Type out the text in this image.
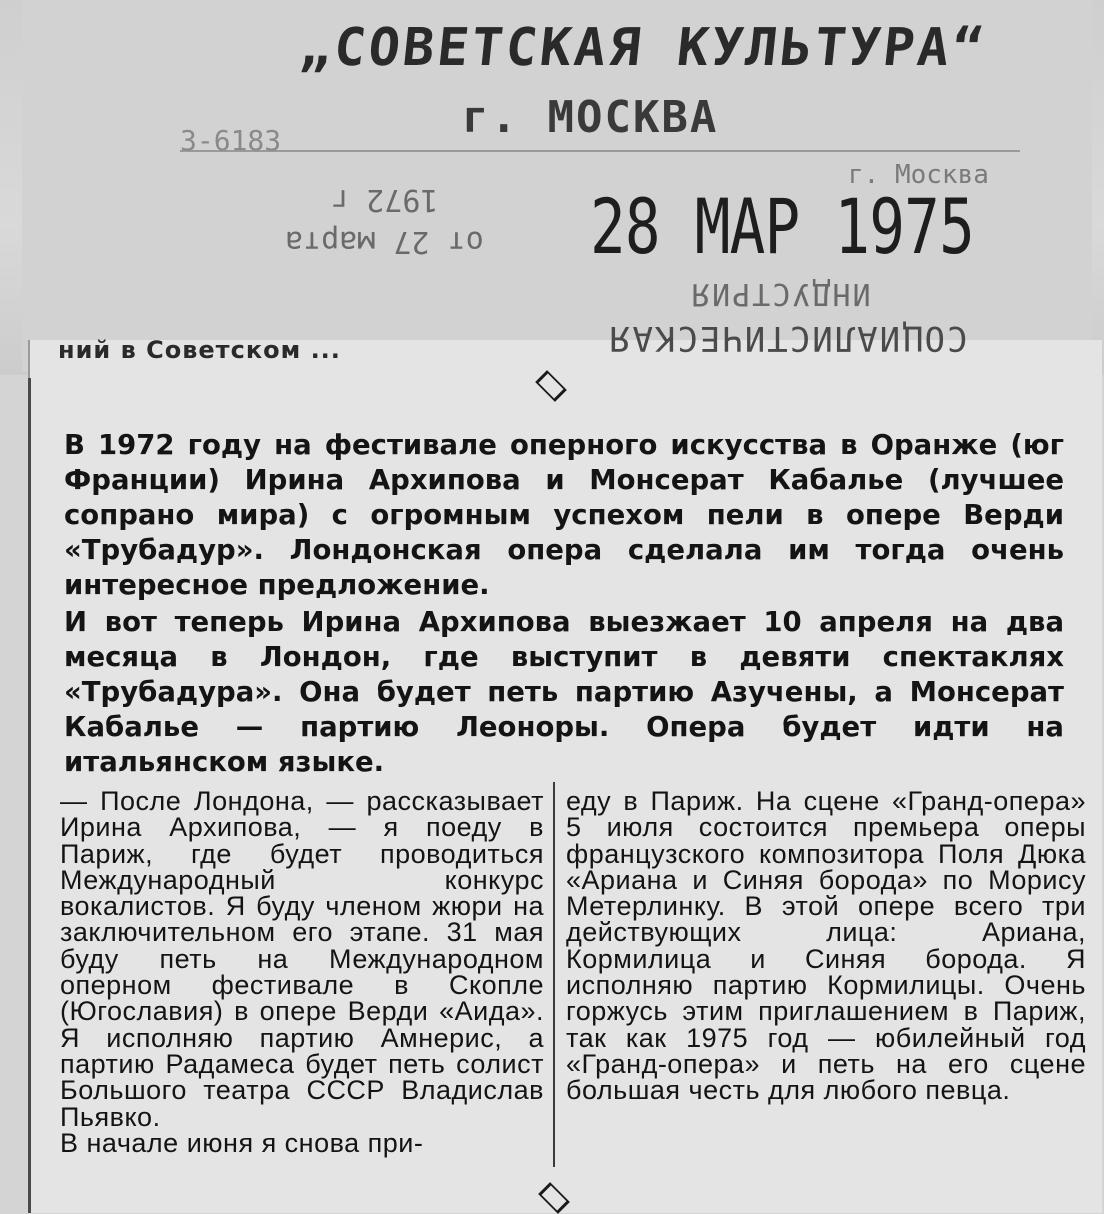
„СОВЕТСКАЯ КУЛЬТУРА“
г. МОСКВА
3-6183
г. Москва
1972 г
от 27 марта 28 МАР 1975
ИНДУСТРИЯ
ний в Советском ...	СОЦИАЛИСТИЧЕСКАЯ

В 1972 году на фестивале оперного искусства в Оранже (юг Франции) Ирина Архипова и Монсерат Кабалье (лучшее сопрано мира) с огромным успехом пели в опере Верди «Трубадур». Лондонская опера сделала им тогда очень интересное предложение.

И вот теперь Ирина Архипова выезжает 10 апреля на два месяца в Лондон, где выступит в девяти спектаклях «Трубадура». Она будет петь партию Азучены, а Монсерат Кабалье — партию Леоноры. Опера будет идти на итальянском языке.

— После Лондона, — рассказывает Ирина Архипова, — я поеду в Париж, где будет проводиться Международный конкурс вокалистов. Я буду членом жюри на заключительном его этапе. 31 мая буду петь на Международном оперном фестивале в Скопле (Югославия) в опере Верди «Аида». Я исполняю партию Амнерис, а партию Радамеса будет петь солист Большого театра СССР Владислав Пьявко.

В начале июня я снова при-

еду в Париж. На сцене «Гранд-опера» 5 июля состоится премьера оперы французского композитора Поля Дюка «Ариана и Синяя борода» по Морису Метерлинку. В этой опере всего три действующих лица: Ариана, Кормилица и Синяя борода. Я исполняю партию Кормилицы. Очень горжусь этим приглашением в Париж, так как 1975 год — юбилейный год «Гранд-опера» и петь на его сцене большая честь для любого певца.
